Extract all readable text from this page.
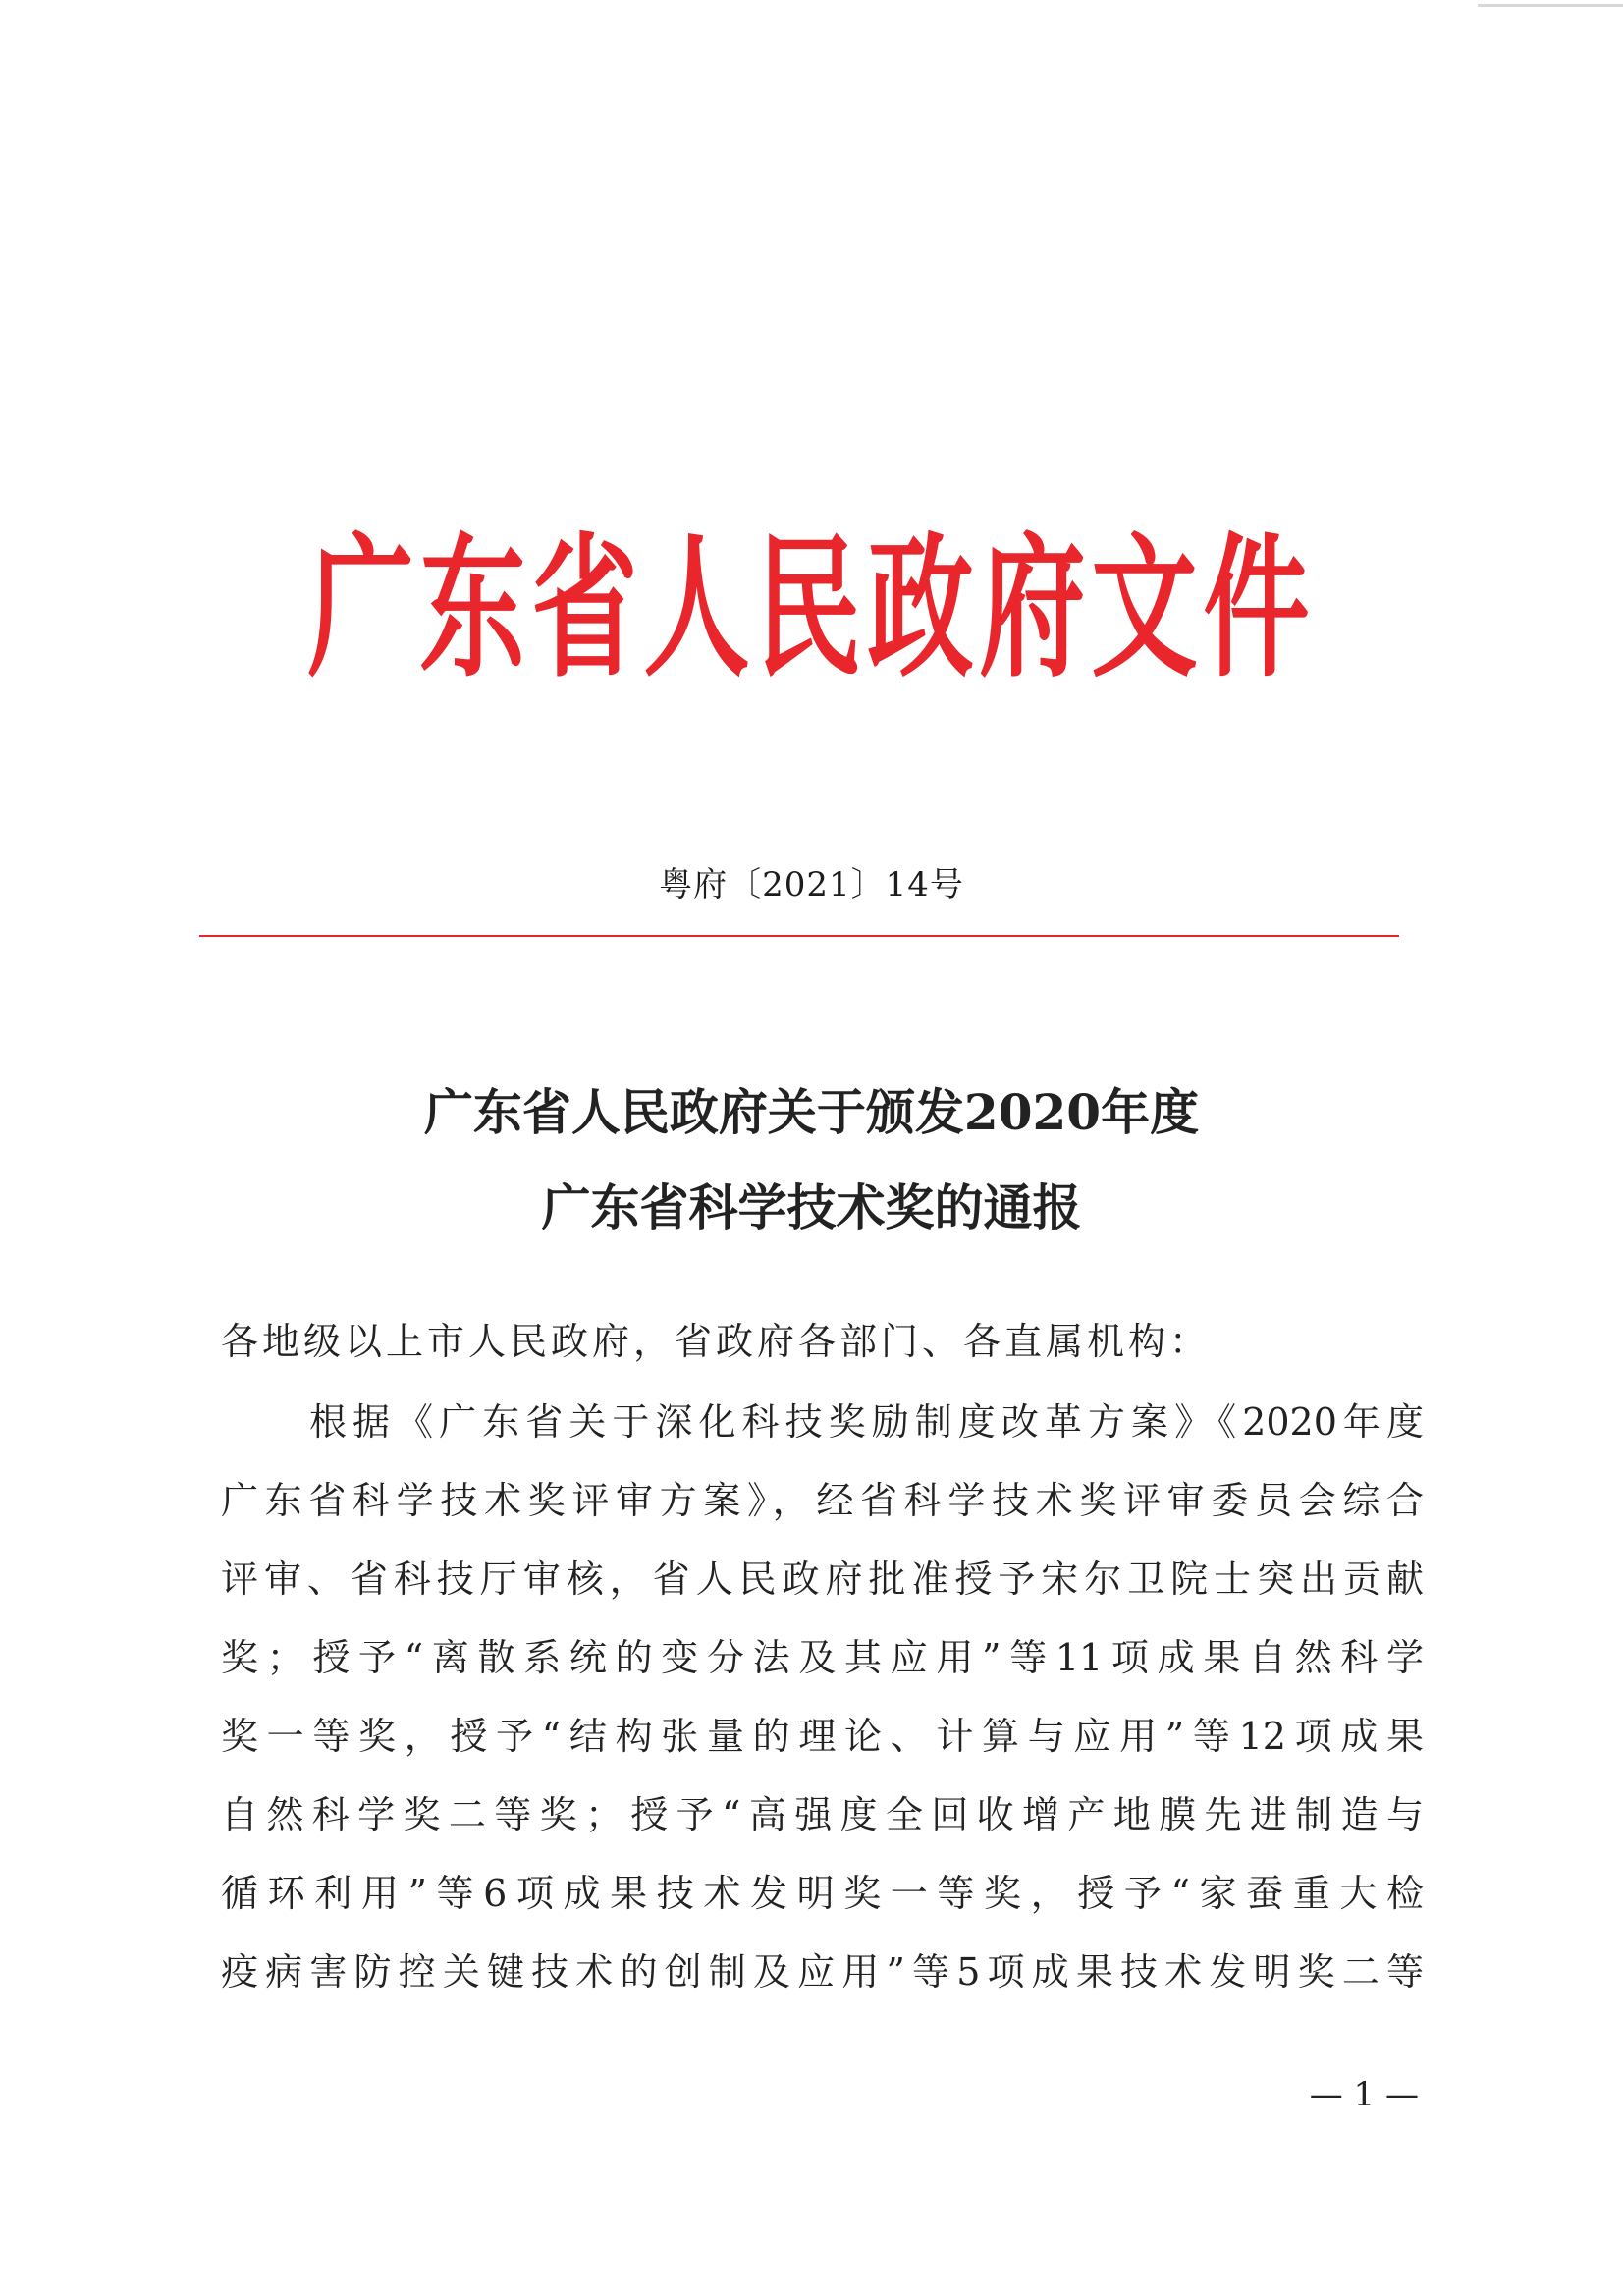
广东省人民政府文件
粤府〔2021〕14号
广东省人民政府关于颁发2020年度
广东省科学技术奖的通报
各地级以上市人民政府，省政府各部门、各直属机构：
根据《广东省关于深化科技奖励制度改革方案》《2020年度
广东省科学技术奖评审方案》，经省科学技术奖评审委员会综合
评审、省科技厅审核，省人民政府批准授予宋尔卫院士突出贡献
奖；授予“离散系统的变分法及其应用”等11项成果自然科学
奖一等奖，授予“结构张量的理论、计算与应用”等12项成果
自然科学奖二等奖；授予“高强度全回收增产地膜先进制造与
循环利用”等6项成果技术发明奖一等奖，授予“家蚕重大检
疫病害防控关键技术的创制及应用”等5项成果技术发明奖二等
— 1 —
